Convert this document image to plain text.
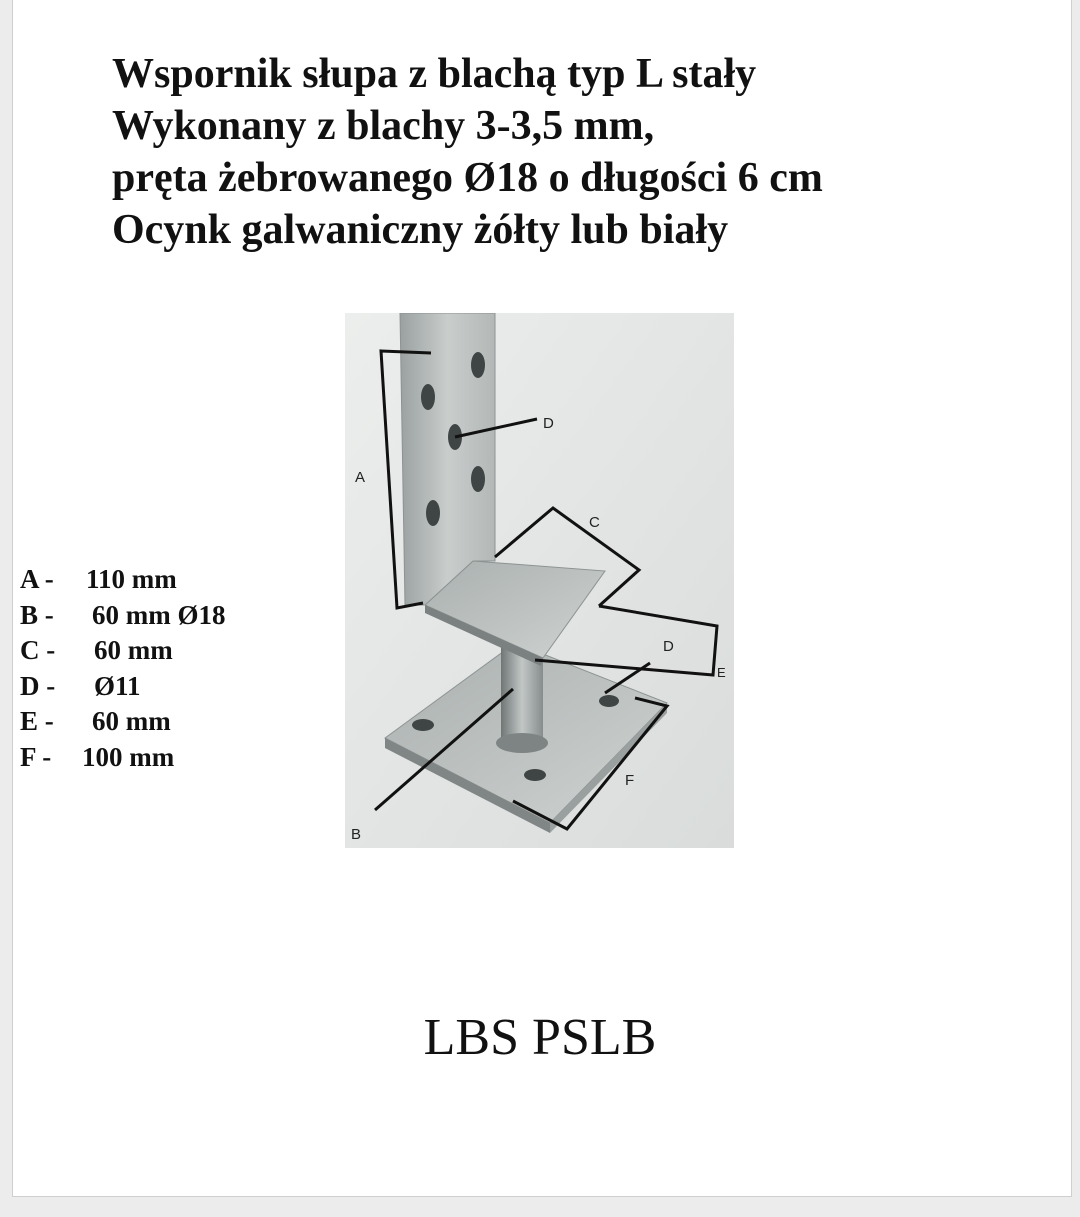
Wspornik słupa z blachą typ L stały
Wykonany z blachy 3-3,5 mm,
pręta żebrowanego Ø18 o długości 6 cm
Ocynk galwaniczny żółty lub biały
A - 110 mm
B - 60 mm Ø18
C - 60 mm
D - Ø11
E - 60 mm
F - 100 mm
A
D
C
D
E
F
B
LBS PSLB
